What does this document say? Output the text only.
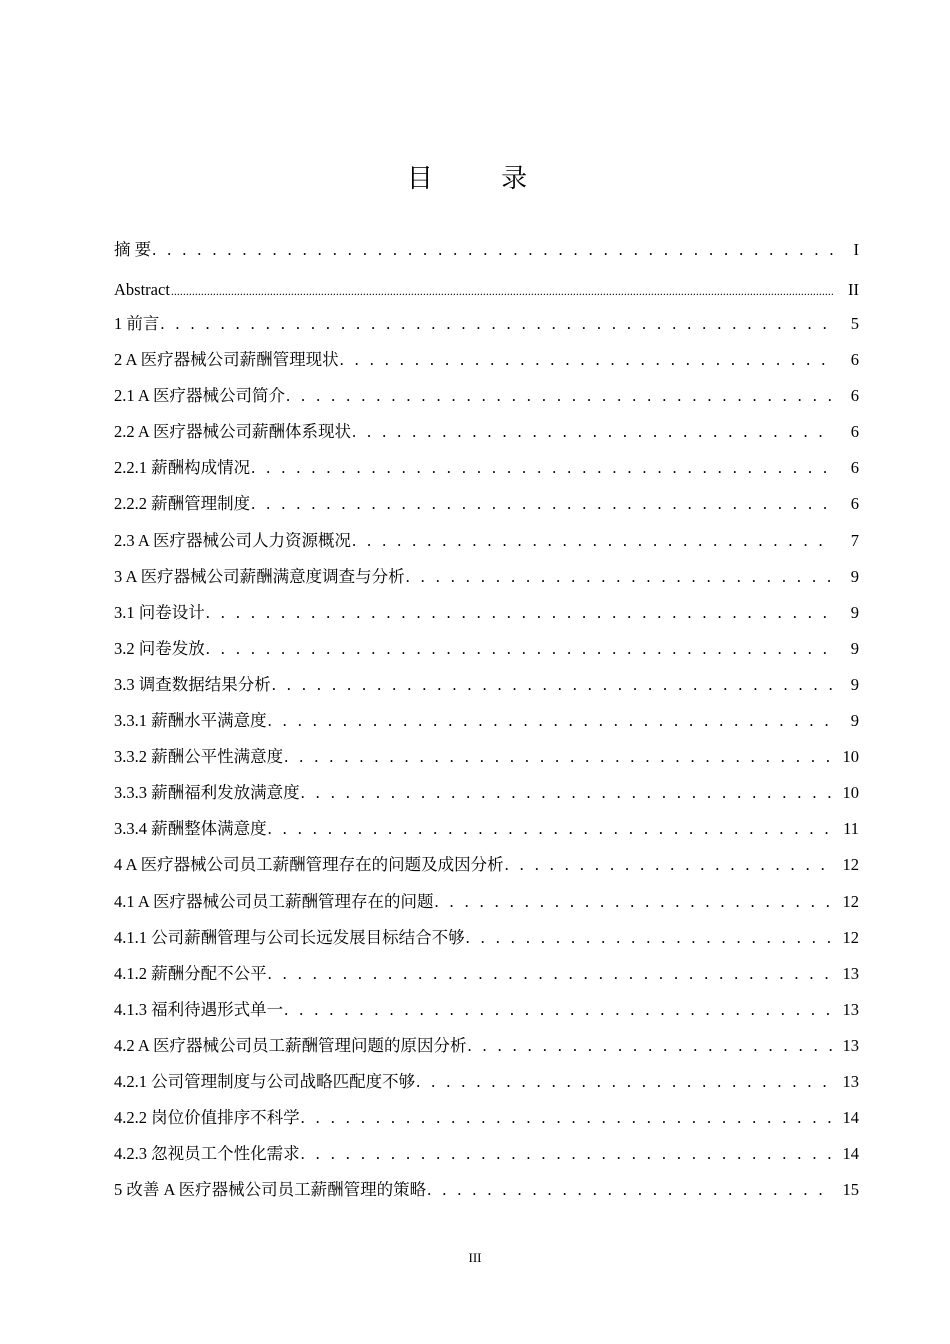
目 录
摘 要 . . .	I
Abstract .....	II
1 前言 . . .	5
2 A 医疗器械公司薪酬管理现状 . . .	6
2.1 A 医疗器械公司简介 . . .	6
2.2 A 医疗器械公司薪酬体系现状 . . .	6
2.2.1 薪酬构成情况 . . .	6
2.2.2 薪酬管理制度 . . .	6
2.3 A 医疗器械公司人力资源概况 . . .	7
3 A 医疗器械公司薪酬满意度调查与分析 . . .	9
3.1 问卷设计 . . .	9
3.2 问卷发放 . . .	9
3.3 调查数据结果分析 . . .	9
3.3.1 薪酬水平满意度 . . .	9
3.3.2 薪酬公平性满意度 . . .	10
3.3.3 薪酬福利发放满意度 . . .	10
3.3.4 薪酬整体满意度 . . .	11
4 A 医疗器械公司员工薪酬管理存在的问题及成因分析 . . .	12
4.1 A 医疗器械公司员工薪酬管理存在的问题 . . .	12
4.1.1 公司薪酬管理与公司长远发展目标结合不够 . . .	12
4.1.2 薪酬分配不公平 . . .	13
4.1.3 福利待遇形式单一 . . .	13
4.2 A 医疗器械公司员工薪酬管理问题的原因分析 . . .	13
4.2.1 公司管理制度与公司战略匹配度不够 . . .	13
4.2.2 岗位价值排序不科学 . . .	14
4.2.3 忽视员工个性化需求 . . .	14
5 改善 A 医疗器械公司员工薪酬管理的策略 . . .	15
III
